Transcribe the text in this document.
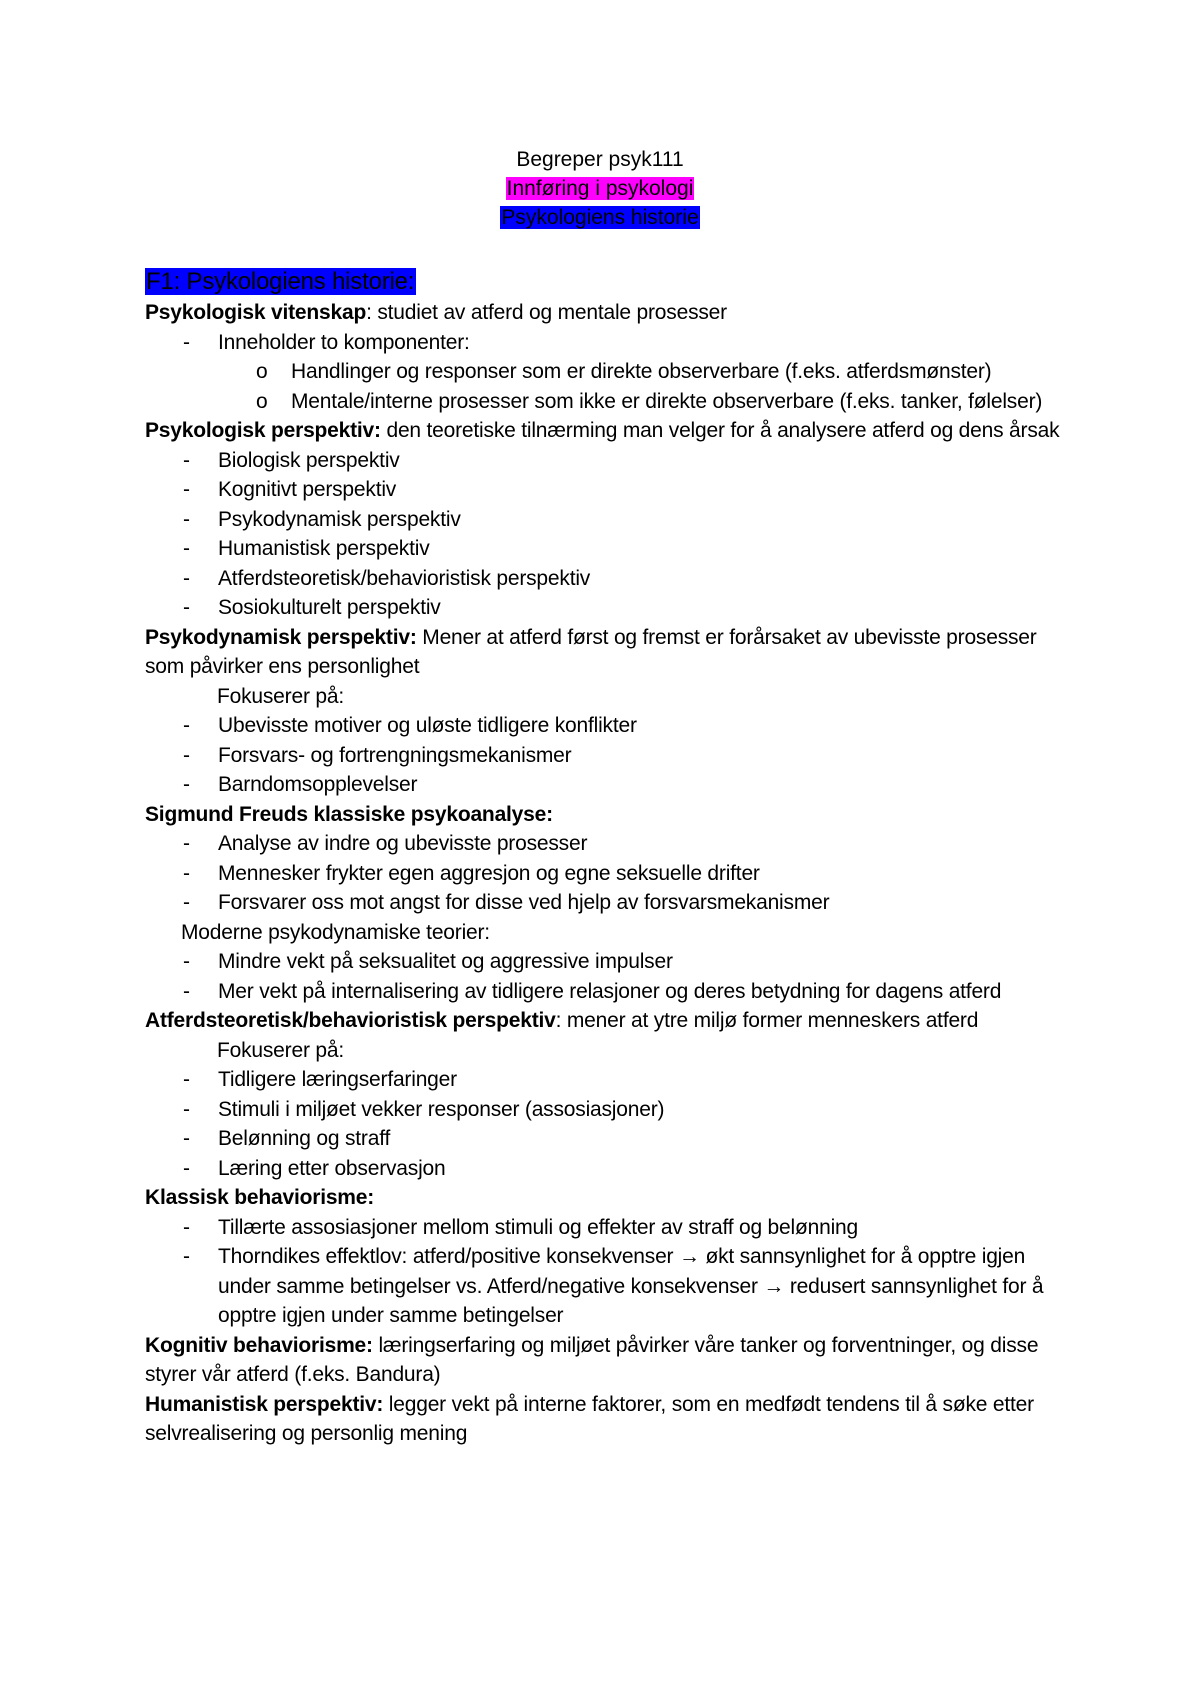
Begreper psyk111
Innføring i psykologi
Psykologiens historie
F1: Psykologiens historie:

Psykologisk vitenskap: studiet av atferd og mentale prosesser

- Inneholder to komponenter:
o Handlinger og responser som er direkte observerbare (f.eks. atferdsmønster)
o Mentale/interne prosesser som ikke er direkte observerbare (f.eks. tanker, følelser)

Psykologisk perspektiv: den teoretiske tilnærming man velger for å analysere atferd og dens årsak

- Biologisk perspektiv
- Kognitivt perspektiv
- Psykodynamisk perspektiv
- Humanistisk perspektiv
- Atferdsteoretisk/behavioristisk perspektiv
- Sosiokulturelt perspektiv

Psykodynamisk perspektiv: Mener at atferd først og fremst er forårsaket av ubevisste prosesser som påvirker ens personlighet

Fokuserer på:
- Ubevisste motiver og uløste tidligere konflikter
- Forsvars- og fortrengningsmekanismer
- Barndomsopplevelser

Sigmund Freuds klassiske psykoanalyse:

- Analyse av indre og ubevisste prosesser
- Mennesker frykter egen aggresjon og egne seksuelle drifter
- Forsvarer oss mot angst for disse ved hjelp av forsvarsmekanismer
Moderne psykodynamiske teorier:
- Mindre vekt på seksualitet og aggressive impulser
- Mer vekt på internalisering av tidligere relasjoner og deres betydning for dagens atferd

Atferdsteoretisk/behavioristisk perspektiv: mener at ytre miljø former menneskers atferd

Fokuserer på:
- Tidligere læringserfaringer
- Stimuli i miljøet vekker responser (assosiasjoner)
- Belønning og straff
- Læring etter observasjon

Klassisk behaviorisme:

- Tillærte assosiasjoner mellom stimuli og effekter av straff og belønning
- Thorndikes effektlov: atferd/positive konsekvenser → økt sannsynlighet for å opptre igjen under samme betingelser vs. Atferd/negative konsekvenser → redusert sannsynlighet for å opptre igjen under samme betingelser

Kognitiv behaviorisme: læringserfaring og miljøet påvirker våre tanker og forventninger, og disse styrer vår atferd (f.eks. Bandura)

Humanistisk perspektiv: legger vekt på interne faktorer, som en medfødt tendens til å søke etter selvrealisering og personlig mening
